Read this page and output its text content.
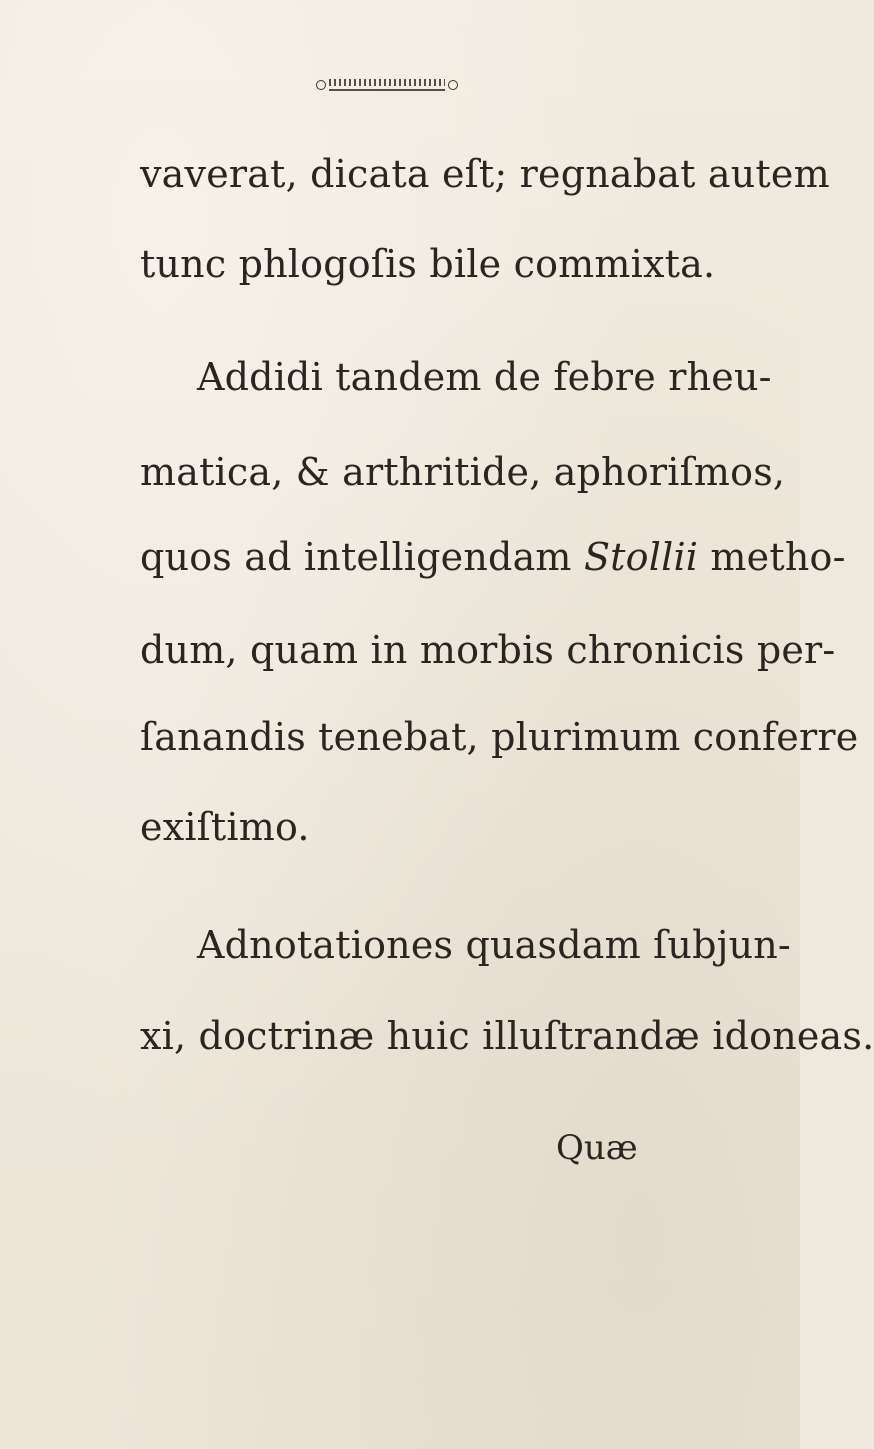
vaverat, dicata eſt; regnabat autem
tunc phlogoſis bile commixta.
Addidi tandem de febre rheu-
matica, & arthritide, aphoriſmos,
quos ad intelligendam Stollii metho-
dum, quam in morbis chronicis per-
ſanandis tenebat, plurimum conferre
exiſtimo.
Adnotationes quasdam ſubjun-
xi, doctrinæ huic illuſtrandæ idoneas.
Quæ
